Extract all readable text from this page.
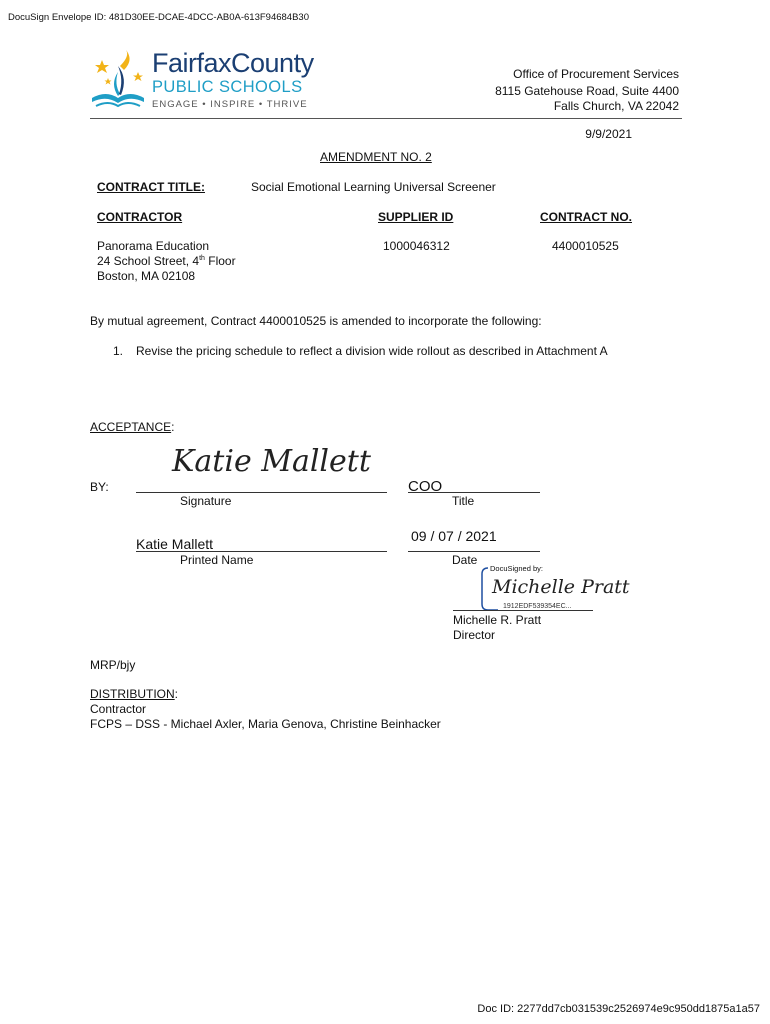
DocuSign Envelope ID: 481D30EE-DCAE-4DCC-AB0A-613F94684B30
FairfaxCounty
PUBLIC SCHOOLS
ENGAGE • INSPIRE • THRIVE
Office of Procurement Services
8115 Gatehouse Road, Suite 4400
Falls Church, VA 22042
9/9/2021
AMENDMENT NO. 2
CONTRACT TITLE:	Social Emotional Learning Universal Screener
CONTRACTOR	SUPPLIER ID	CONTRACT NO.
Panorama Education
24 School Street, 4th Floor
Boston, MA 02108
1000046312	4400010525
By mutual agreement, Contract 4400010525 is amended to incorporate the following:
1. Revise the pricing schedule to reflect a division wide rollout as described in Attachment A
ACCEPTANCE:
BY:
Katie Mallett
Signature
COO
Title
Katie Mallett
Printed Name
09 / 07 / 2021
Date
DocuSigned by:
Michelle Pratt
1912EDF539354EC...
Michelle R. Pratt
Director
MRP/bjy
DISTRIBUTION:
Contractor
FCPS – DSS - Michael Axler, Maria Genova, Christine Beinhacker
Doc ID: 2277dd7cb031539c2526974e9c950dd1875a1a57
